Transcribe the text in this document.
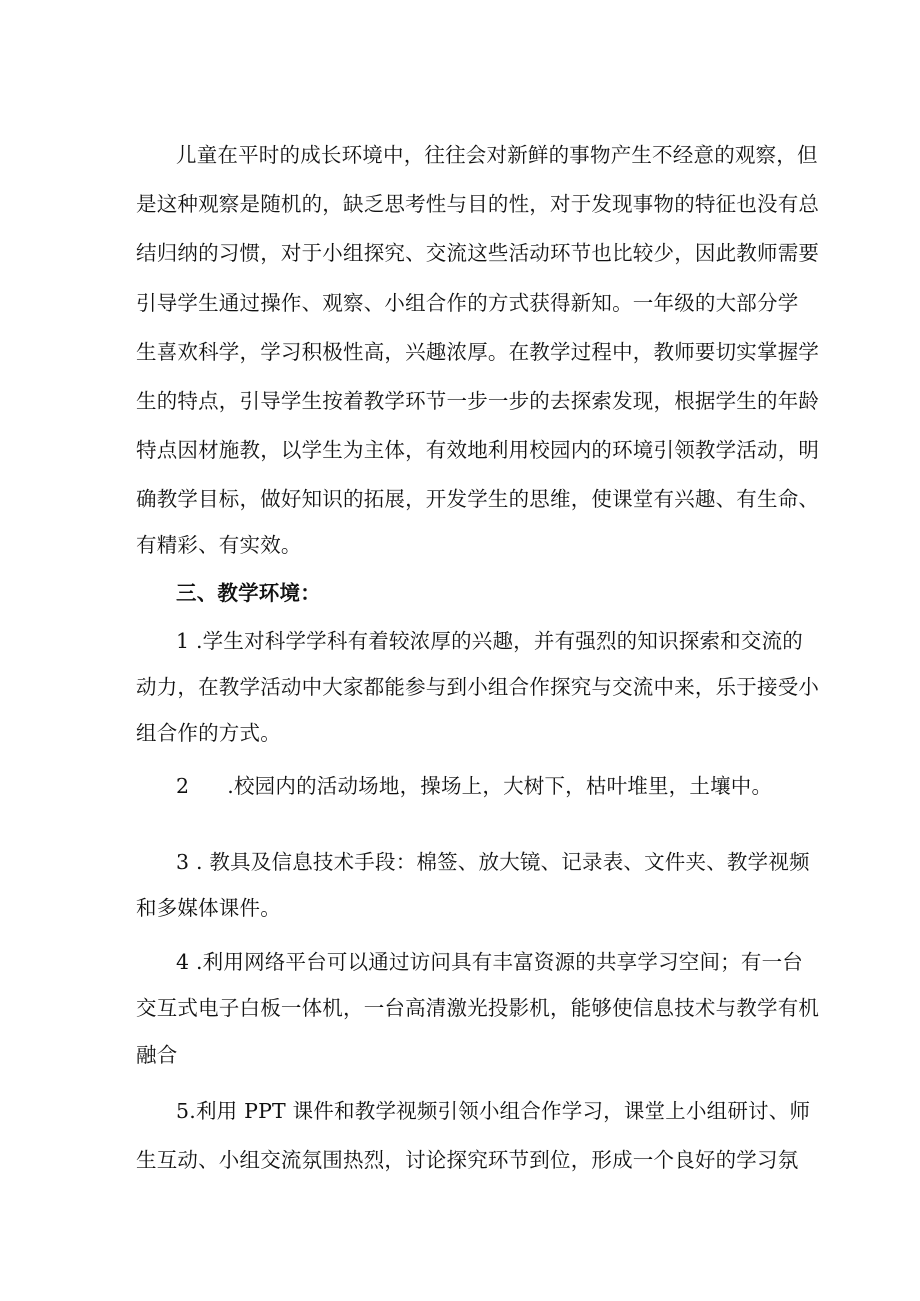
儿童在平时的成长环境中，往往会对新鲜的事物产生不经意的观察，但
是这种观察是随机的，缺乏思考性与目的性，对于发现事物的特征也没有总
结归纳的习惯，对于小组探究、交流这些活动环节也比较少，因此教师需要
引导学生通过操作、观察、小组合作的方式获得新知。一年级的大部分学
生喜欢科学，学习积极性高，兴趣浓厚。在教学过程中，教师要切实掌握学
生的特点，引导学生按着教学环节一步一步的去探索发现，根据学生的年龄
特点因材施教，以学生为主体，有效地利用校园内的环境引领教学活动，明
确教学目标，做好知识的拓展，开发学生的思维，使课堂有兴趣、有生命、
有精彩、有实效。
三、教学环境：
1 .学生对科学学科有着较浓厚的兴趣，并有强烈的知识探索和交流的
动力，在教学活动中大家都能参与到小组合作探究与交流中来，乐于接受小
组合作的方式。
2 .校园内的活动场地，操场上，大树下，枯叶堆里，土壤中。
3 . 教具及信息技术手段：棉签、放大镜、记录表、文件夹、教学视频
和多媒体课件。
4 .利用网络平台可以通过访问具有丰富资源的共享学习空间；有一台
交互式电子白板一体机，一台高清激光投影机，能够使信息技术与教学有机
融合
5.利用 PPT 课件和教学视频引领小组合作学习，课堂上小组研讨、师
生互动、小组交流氛围热烈，讨论探究环节到位，形成一个良好的学习氛
